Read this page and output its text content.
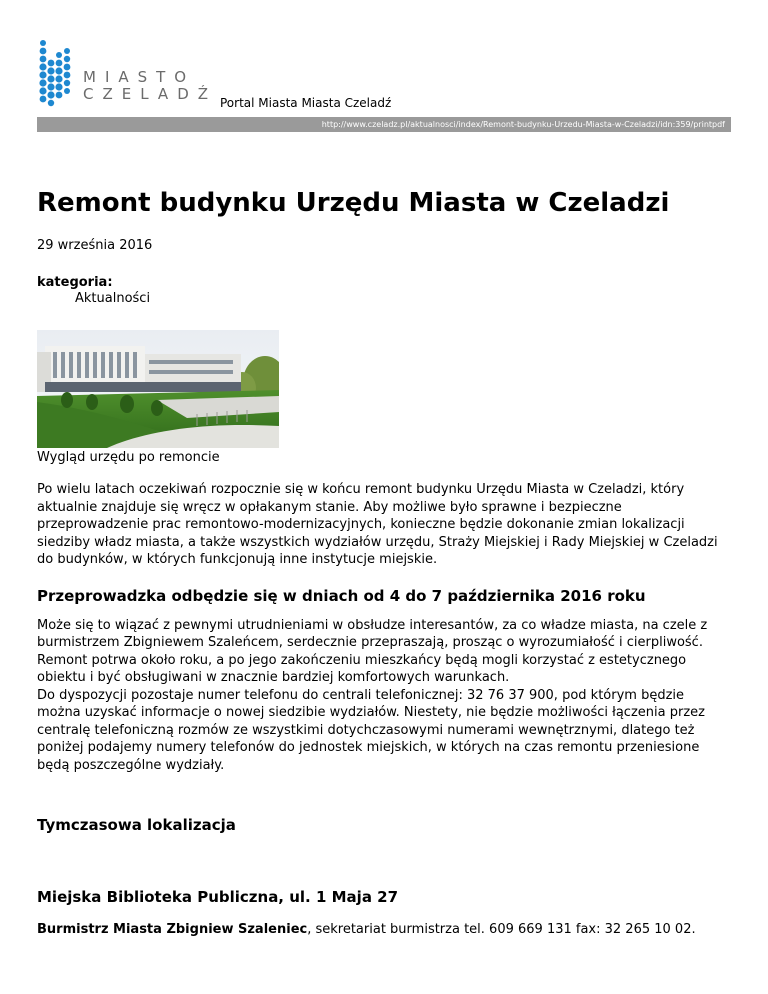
MIASTO
CZELADŹ Portal Miasta Miasta Czeladź
http://www.czeladz.pl/aktualnosci/index/Remont-budynku-Urzedu-Miasta-w-Czeladzi/idn:359/printpdf
Remont budynku Urzędu Miasta w Czeladzi
29 września 2016
kategoria:
Aktualności
Wygląd urzędu po remoncie
Po wielu latach oczekiwań rozpocznie się w końcu remont budynku Urzędu Miasta w Czeladzi, który aktualnie znajduje się wręcz w opłakanym stanie. Aby możliwe było sprawne i bezpieczne przeprowadzenie prac remontowo-modernizacyjnych, konieczne będzie dokonanie zmian lokalizacji siedziby władz miasta, a także wszystkich wydziałów urzędu, Straży Miejskiej i Rady Miejskiej w Czeladzi do budynków, w których funkcjonują inne instytucje miejskie.
Przeprowadzka odbędzie się w dniach od 4 do 7 października 2016 roku
Może się to wiązać z pewnymi utrudnieniami w obsłudze interesantów, za co władze miasta, na czele z burmistrzem Zbigniewem Szaleńcem, serdecznie przepraszają, prosząc o wyrozumiałość i cierpliwość. Remont potrwa około roku, a po jego zakończeniu mieszkańcy będą mogli korzystać z estetycznego obiektu i być obsługiwani w znacznie bardziej komfortowych warunkach.
Do dyspozycji pozostaje numer telefonu do centrali telefonicznej: 32 76 37 900, pod którym będzie można uzyskać informacje o nowej siedzibie wydziałów. Niestety, nie będzie możliwości łączenia przez centralę telefoniczną rozmów ze wszystkimi dotychczasowymi numerami wewnętrznymi, dlatego też poniżej podajemy numery telefonów do jednostek miejskich, w których na czas remontu przeniesione będą poszczególne wydziały.
Tymczasowa lokalizacja
Miejska Biblioteka Publiczna, ul. 1 Maja 27
Burmistrz Miasta Zbigniew Szaleniec, sekretariat burmistrza tel. 609 669 131 fax: 32 265 10 02.
